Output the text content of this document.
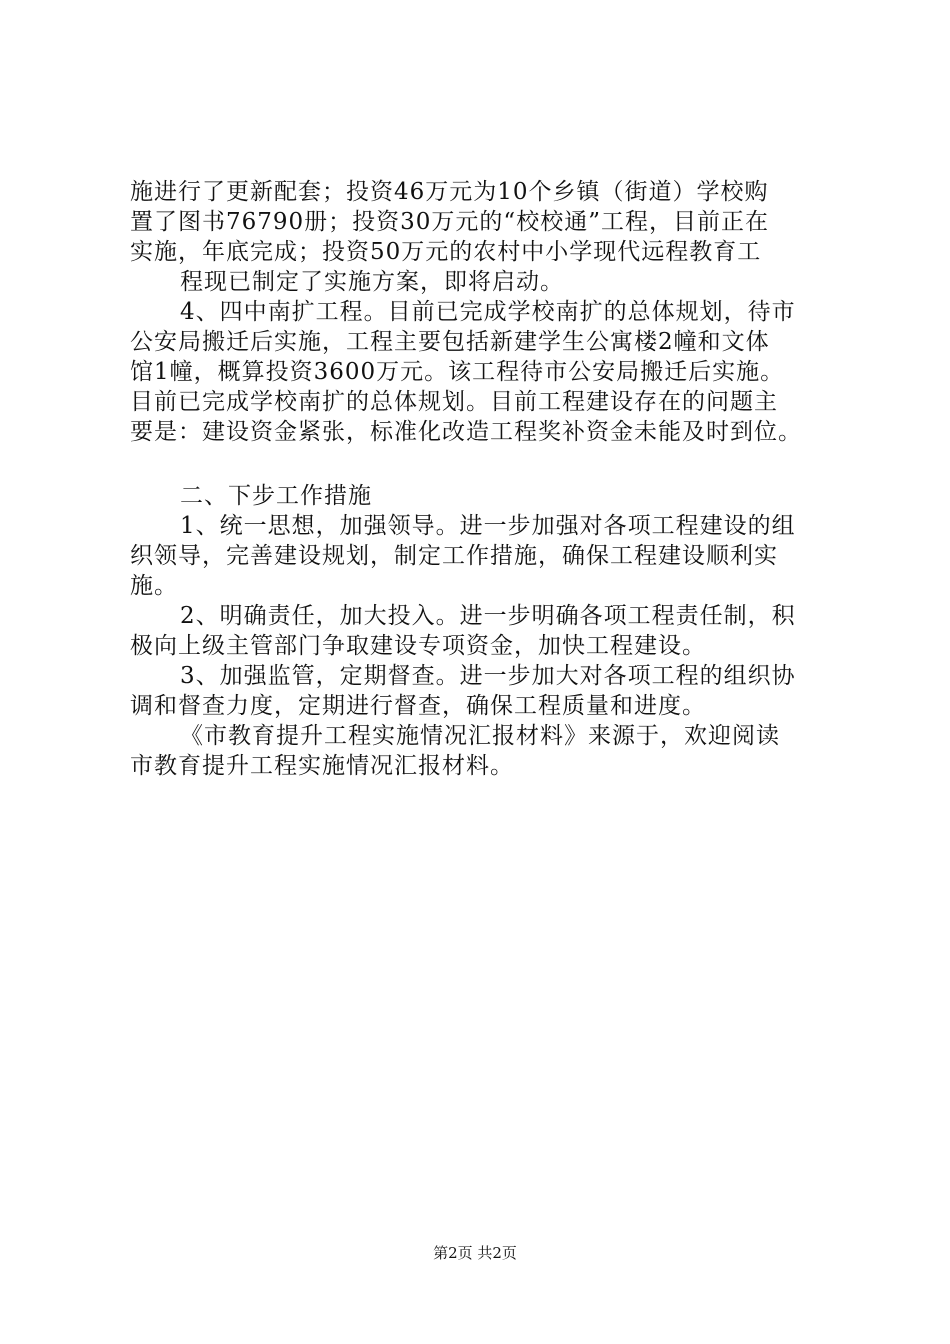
施进行了更新配套；投资46万元为10个乡镇（街道）学校购
置了图书76790册；投资30万元的“校校通”工程，目前正在
实施，年底完成；投资50万元的农村中小学现代远程教育工
程现已制定了实施方案，即将启动。
4、四中南扩工程。目前已完成学校南扩的总体规划，待市
公安局搬迁后实施，工程主要包括新建学生公寓楼2幢和文体
馆1幢，概算投资3600万元。该工程待市公安局搬迁后实施。
目前已完成学校南扩的总体规划。目前工程建设存在的问题主
要是：建设资金紧张，标准化改造工程奖补资金未能及时到位。
二、下步工作措施
1、统一思想，加强领导。进一步加强对各项工程建设的组
织领导，完善建设规划，制定工作措施，确保工程建设顺利实
施。
2、明确责任，加大投入。进一步明确各项工程责任制，积
极向上级主管部门争取建设专项资金，加快工程建设。
3、加强监管，定期督查。进一步加大对各项工程的组织协
调和督查力度，定期进行督查，确保工程质量和进度。
《市教育提升工程实施情况汇报材料》来源于，欢迎阅读
市教育提升工程实施情况汇报材料。
第2页 共2页
